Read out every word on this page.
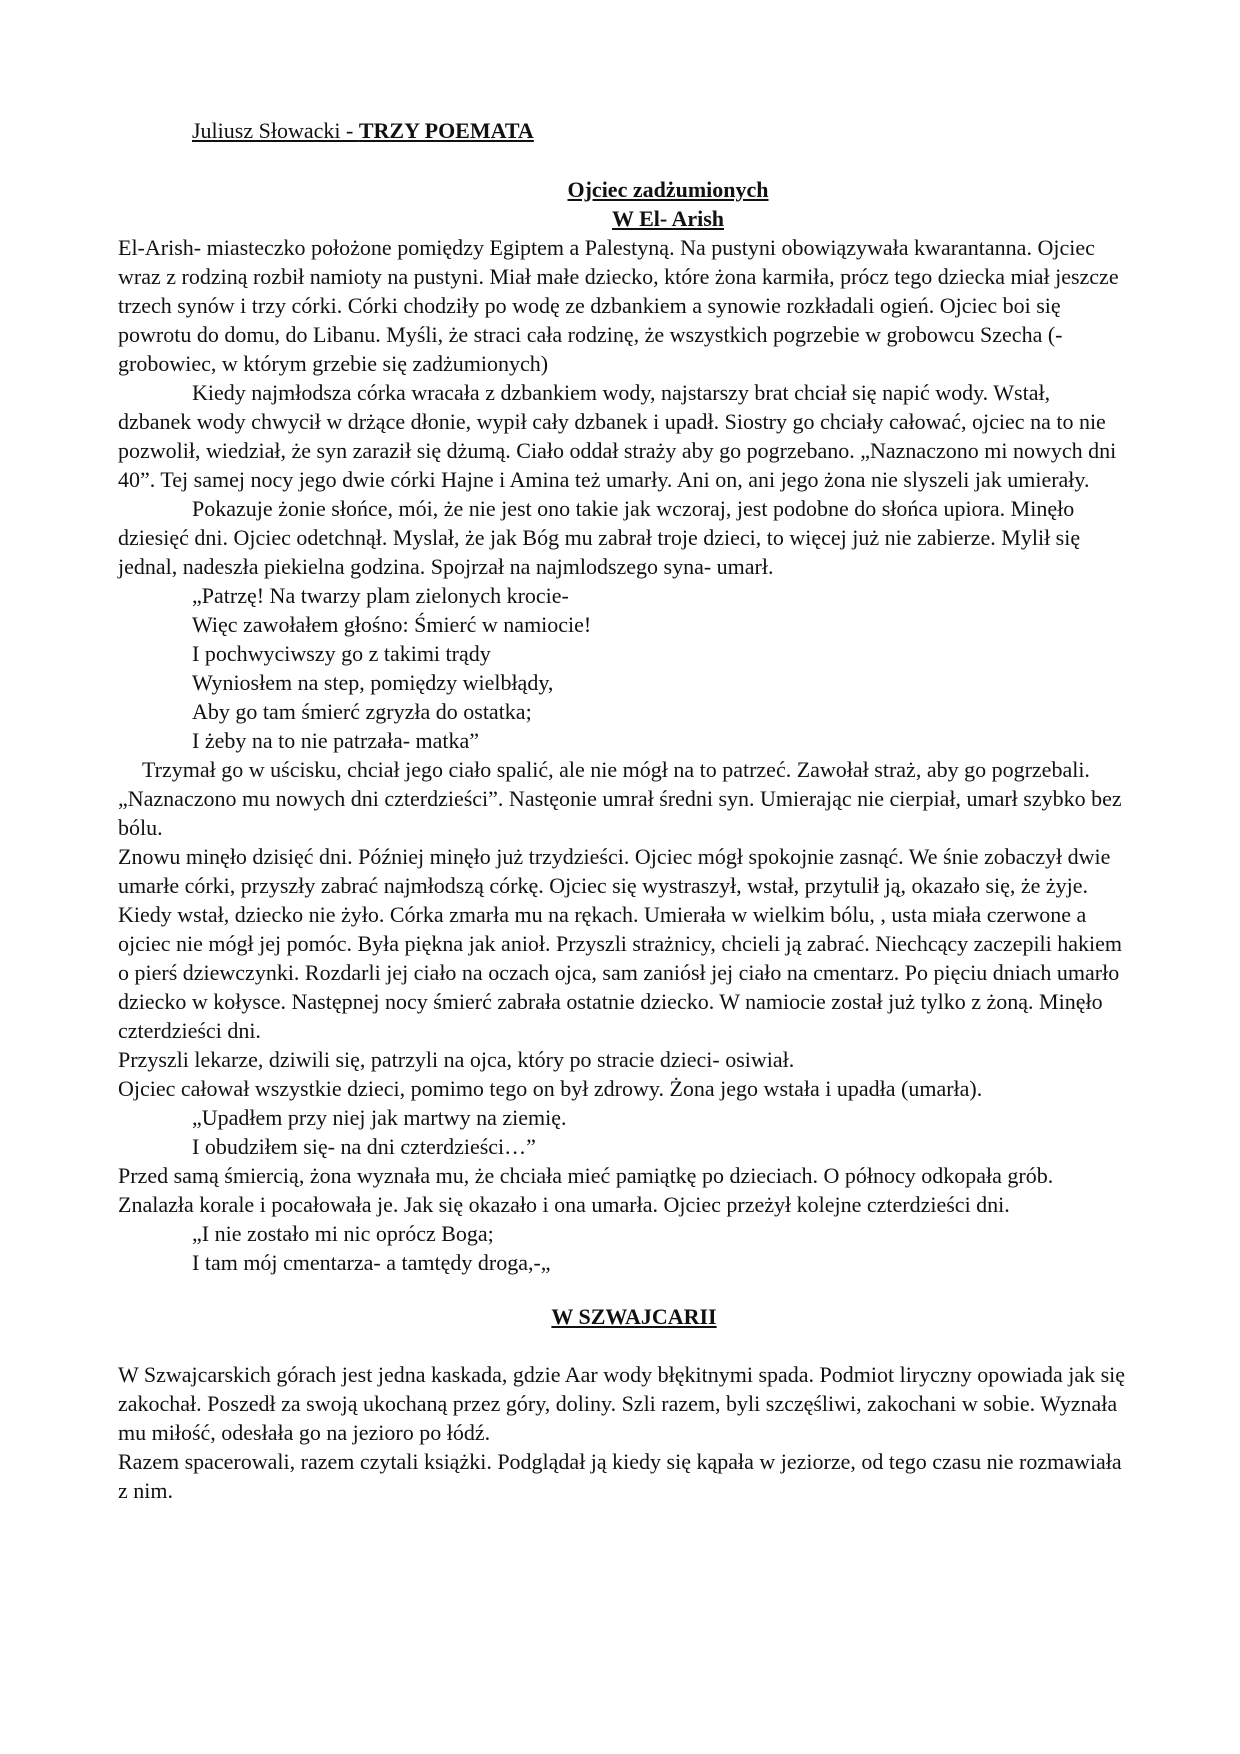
Juliusz Słowacki - TRZY POEMATA
Ojciec zadżumionych
W El- Arish

El-Arish- miasteczko położone pomiędzy Egiptem a Palestyną. Na pustyni obowiązywała kwarantanna. Ojciec wraz z rodziną rozbił namioty na pustyni. Miał małe dziecko, które żona karmiła, prócz tego dziecka miał jeszcze trzech synów i trzy córki. Córki chodziły po wodę ze dzbankiem a synowie rozkładali ogień. Ojciec boi się powrotu do domu, do Libanu. Myśli, że straci cała rodzinę, że wszystkich pogrzebie w grobowcu Szecha (-grobowiec, w którym grzebie się zadżumionych)

Kiedy najmłodsza córka wracała z dzbankiem wody, najstarszy brat chciał się napić wody. Wstał, dzbanek wody chwycił w drżące dłonie, wypił cały dzbanek i upadł. Siostry go chciały całować, ojciec na to nie pozwolił, wiedział, że syn zaraził się dżumą. Ciało oddał straży aby go pogrzebano. „Naznaczono mi nowych dni 40”. Tej samej nocy jego dwie córki Hajne i Amina też umarły. Ani on, ani jego żona nie slyszeli jak umierały.

Pokazuje żonie słońce, mói, że nie jest ono takie jak wczoraj, jest podobne do słońca upiora. Minęło dziesięć dni. Ojciec odetchnął. Myslał, że jak Bóg mu zabrał troje dzieci, to więcej już nie zabierze. Mylił się jednal, nadeszła piekielna godzina. Spojrzał na najmlodszego syna- umarł.

„Patrzę! Na twarzy plam zielonych krocie-
Więc zawołałem głośno: Śmierć w namiocie!
I pochwyciwszy go z takimi trądy
Wyniosłem na step, pomiędzy wielbłądy,
Aby go tam śmierć zgryzła do ostatka;
I żeby na to nie patrzała- matka”

Trzymał go w uścisku, chciał jego ciało spalić, ale nie mógł na to patrzeć. Zawołał straż, aby go pogrzebali. „Naznaczono mu nowych dni czterdzieści”. Nastęonie umrał średni syn. Umierając nie cierpiał, umarł szybko bez bólu.

Znowu minęło dzisięć dni. Później minęło już trzydzieści. Ojciec mógł spokojnie zasnąć. We śnie zobaczył dwie umarłe córki, przyszły zabrać najmłodszą córkę. Ojciec się wystraszył, wstał, przytulił ją, okazało się, że żyje. Kiedy wstał, dziecko nie żyło. Córka zmarła mu na rękach. Umierała w wielkim bólu, , usta miała czerwone a ojciec nie mógł jej pomóc. Była piękna jak anioł. Przyszli strażnicy, chcieli ją zabrać. Niechcący zaczepili hakiem o pierś dziewczynki. Rozdarli jej ciało na oczach ojca, sam zaniósł jej ciało na cmentarz. Po pięciu dniach umarło dziecko w kołysce. Następnej nocy śmierć zabrała ostatnie dziecko. W namiocie został już tylko z żoną. Minęło czterdzieści dni.

Przyszli lekarze, dziwili się, patrzyli na ojca, który po stracie dzieci- osiwiał.

Ojciec całował wszystkie dzieci, pomimo tego on był zdrowy. Żona jego wstała i upadła (umarła).

„Upadłem przy niej jak martwy na ziemię.
I obudziłem się- na dni czterdzieści…”

Przed samą śmiercią, żona wyznała mu, że chciała mieć pamiątkę po dzieciach. O północy odkopała grób. Znalazła korale i pocałowała je. Jak się okazało i ona umarła. Ojciec przeżył kolejne czterdzieści dni.

„I nie zostało mi nic oprócz Boga;
I tam mój cmentarza- a tamtędy droga,-„
W SZWAJCARII

W Szwajcarskich górach jest jedna kaskada, gdzie Aar wody błękitnymi spada. Podmiot liryczny opowiada jak się zakochał. Poszedł za swoją ukochaną przez góry, doliny. Szli razem, byli szczęśliwi, zakochani w sobie. Wyznała mu miłość, odesłała go na jezioro po łódź.

Razem spacerowali, razem czytali książki. Podglądał ją kiedy się kąpała w jeziorze, od tego czasu nie rozmawiała z nim.
